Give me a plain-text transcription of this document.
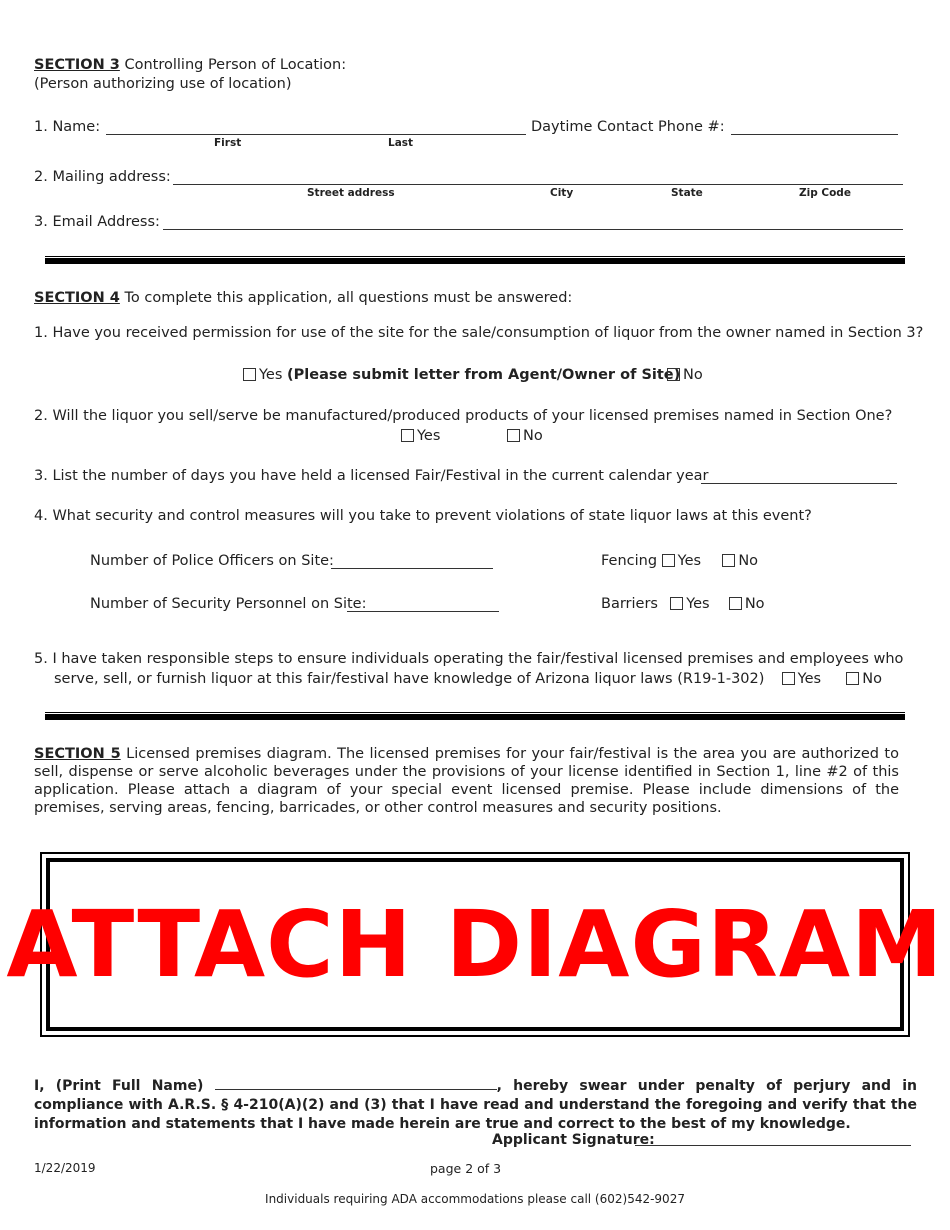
SECTION 3 Controlling Person of Location:
(Person authorizing use of location)
1. Name:
First	Last
Daytime Contact Phone #:
2. Mailing address:
Street address	City	State	Zip Code
3. Email Address:
SECTION 4 To complete this application, all questions must be answered:
1. Have you received permission for use of the site for the sale/consumption of liquor from the owner named in Section 3?
Yes (Please submit letter from Agent/Owner of Site) No
2. Will the liquor you sell/serve be manufactured/produced products of your licensed premises named in Section One?
Yes	No
3. List the number of days you have held a licensed Fair/Festival in the current calendar year
4. What security and control measures will you take to prevent violations of state liquor laws at this event?
Number of Police Officers on Site:	Fencing Yes	No
Number of Security Personnel on Site:	Barriers Yes No
5. I have taken responsible steps to ensure individuals operating the fair/festival licensed premises and employees who
serve, sell, or furnish liquor at this fair/festival have knowledge of Arizona liquor laws (R19-1-302) Yes	No
SECTION 5 Licensed premises diagram. The licensed premises for your fair/festival is the area you are authorized to sell, dispense or serve alcoholic beverages under the provisions of your license identified in Section 1, line #2 of this application. Please attach a diagram of your special event licensed premise. Please include dimensions of the premises, serving areas, fencing, barricades, or other control measures and security positions.
ATTACH DIAGRAM
I, (Print Full Name)	, hereby swear under penalty of perjury and in compliance with A.R.S. § 4-210(A)(2) and (3) that I have read and understand the foregoing and verify that the information and statements that I have made herein are true and correct to the best of my knowledge.
Applicant Signature:
1/22/2019	page 2 of 3
Individuals requiring ADA accommodations please call (602)542-9027
